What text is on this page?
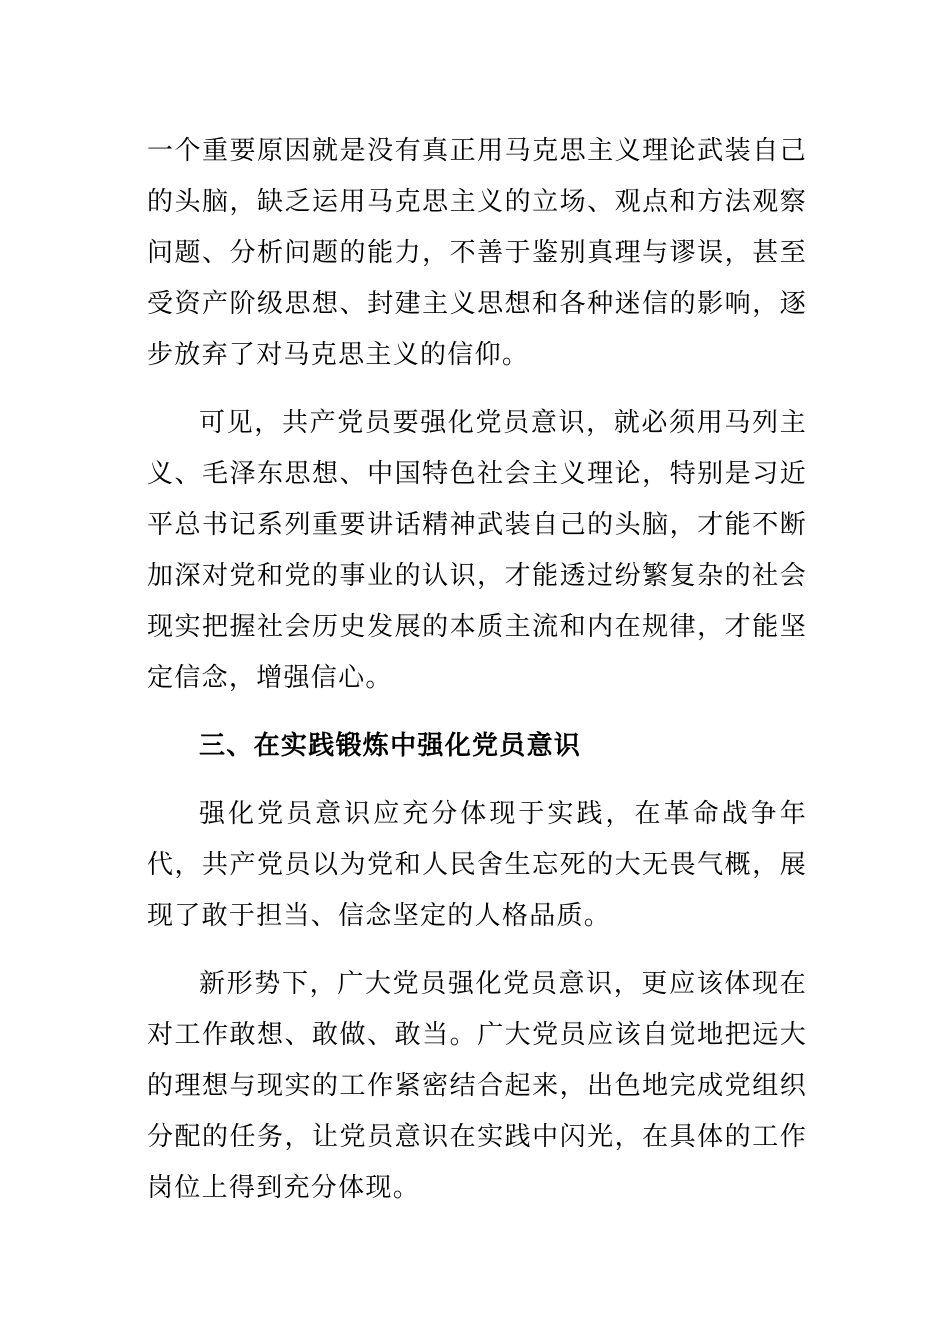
一个重要原因就是没有真正用马克思主义理论武装自己的头脑，缺乏运用马克思主义的立场、观点和方法观察问题、分析问题的能力，不善于鉴别真理与谬误，甚至受资产阶级思想、封建主义思想和各种迷信的影响，逐步放弃了对马克思主义的信仰。

可见，共产党员要强化党员意识，就必须用马列主义、毛泽东思想、中国特色社会主义理论，特别是习近平总书记系列重要讲话精神武装自己的头脑，才能不断加深对党和党的事业的认识，才能透过纷繁复杂的社会现实把握社会历史发展的本质主流和内在规律，才能坚定信念，增强信心。

三、在实践锻炼中强化党员意识

强化党员意识应充分体现于实践，在革命战争年代，共产党员以为党和人民舍生忘死的大无畏气概，展现了敢于担当、信念坚定的人格品质。

新形势下，广大党员强化党员意识，更应该体现在对工作敢想、敢做、敢当。广大党员应该自觉地把远大的理想与现实的工作紧密结合起来，出色地完成党组织分配的任务，让党员意识在实践中闪光，在具体的工作岗位上得到充分体现。
